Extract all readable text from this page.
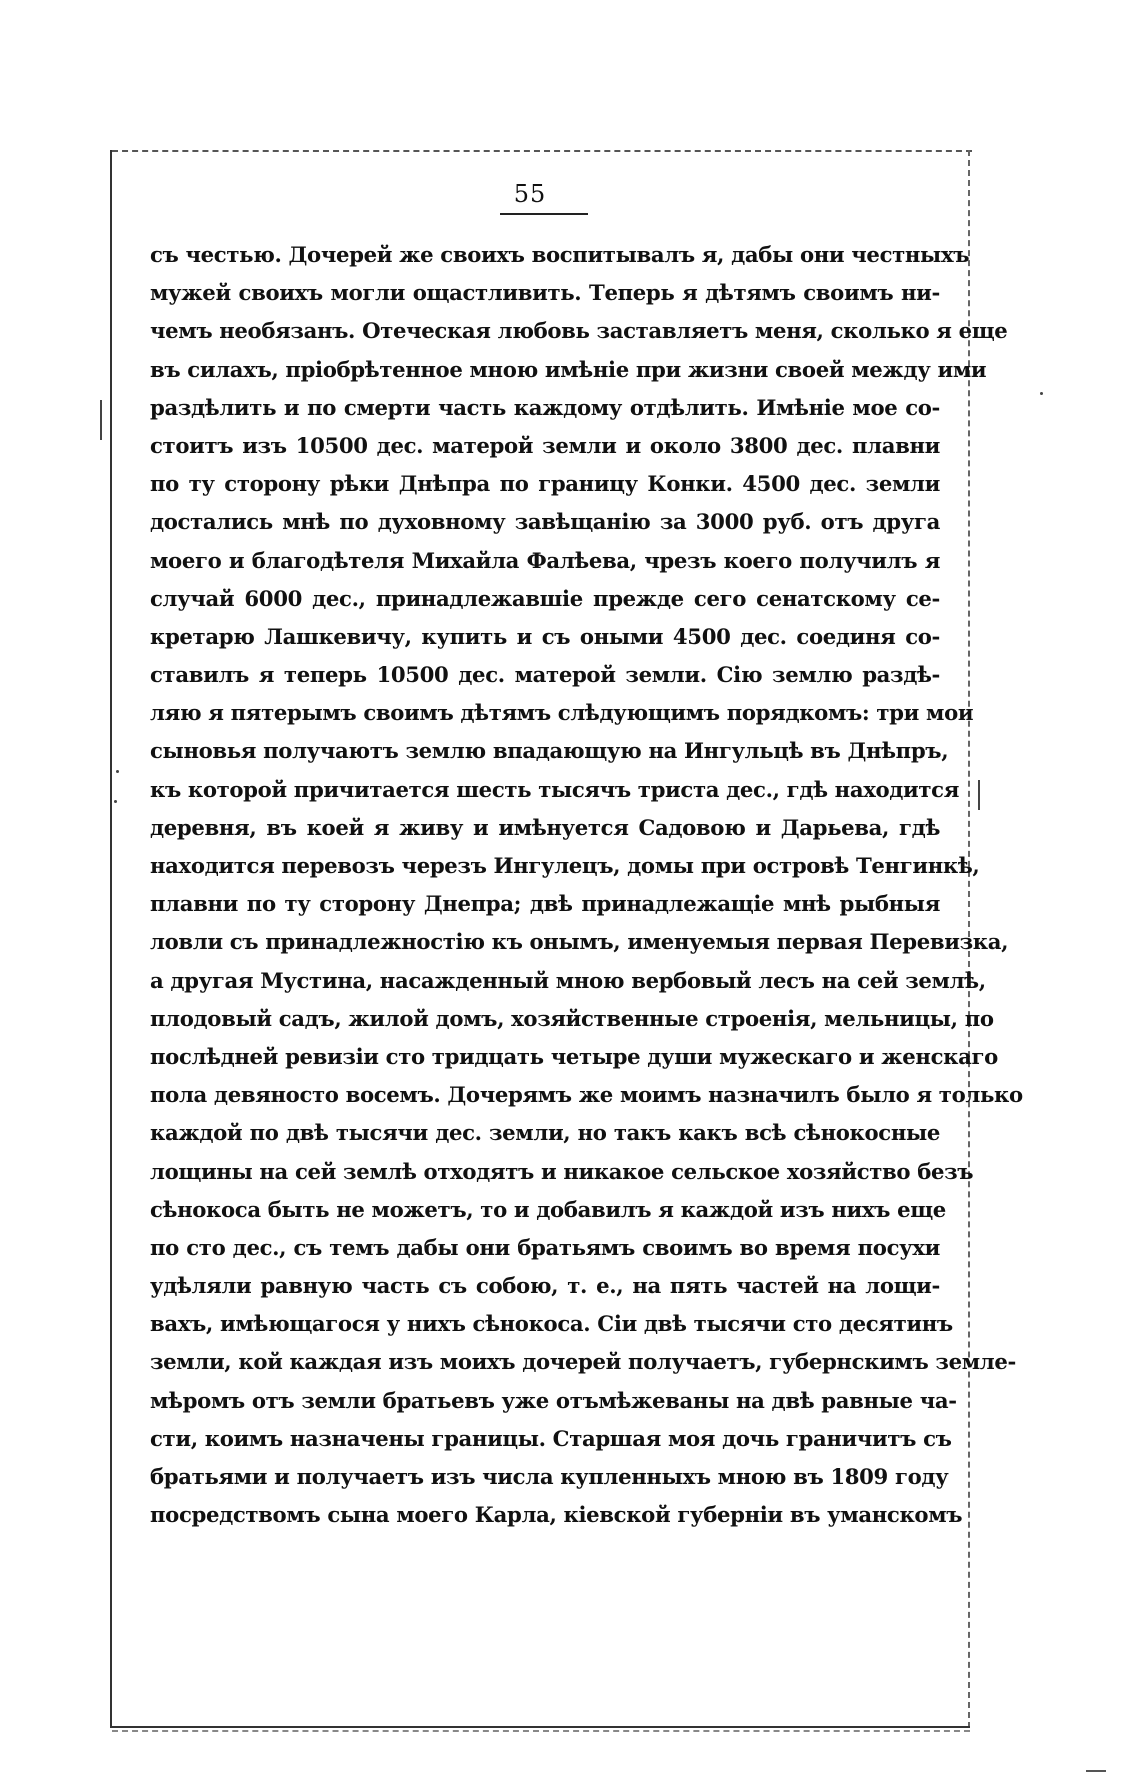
55
съ честью. Дочерей же своихъ воспитывалъ я, дабы они честныхъ
мужей своихъ могли ощастливить. Теперь я дѣтямъ своимъ ни-
чемъ необязанъ. Отеческая любовь заставляетъ меня, сколько я еще
въ силахъ, пріобрѣтенное мною имѣніе при жизни своей между ими
раздѣлить и по смерти часть каждому отдѣлить. Имѣніе мое со-
стоитъ изъ 10500 дес. матерой земли и около 3800 дес. плавни
по ту сторону рѣки Днѣпра по границу Конки. 4500 дес. земли
достались мнѣ по духовному завѣщанію за 3000 руб. отъ друга
моего и благодѣтеля Михайла Фалѣева, чрезъ коего получилъ я
случай 6000 дес., принадлежавшіе прежде сего сенатскому се-
кретарю Лашкевичу, купить и съ оными 4500 дес. соединя со-
ставилъ я теперь 10500 дес. матерой земли. Сію землю раздѣ-
ляю я пятерымъ своимъ дѣтямъ слѣдующимъ порядкомъ: три мои
сыновья получаютъ землю впадающую на Ингульцѣ въ Днѣпръ,
къ которой причитается шесть тысячъ триста дес., гдѣ находится
деревня, въ коей я живу и имѣнуется Садовою и Дарьева, гдѣ
находится перевозъ черезъ Ингулецъ, домы при островѣ Тенгинкѣ,
плавни по ту сторону Днепра; двѣ принадлежащіе мнѣ рыбныя
ловли съ принадлежностію къ онымъ, именуемыя первая Перевизка,
а другая Мустина, насажденный мною вербовый лесъ на сей землѣ,
плодовый садъ, жилой домъ, хозяйственные строенія, мельницы, по
послѣдней ревизіи сто тридцать четыре души мужескаго и женскаго
пола девяносто восемъ. Дочерямъ же моимъ назначилъ было я только
каждой по двѣ тысячи дес. земли, но такъ какъ всѣ сѣнокосные
лощины на сей землѣ отходятъ и никакое сельское хозяйство безъ
сѣнокоса быть не можетъ, то и добавилъ я каждой изъ нихъ еще
по сто дес., съ темъ дабы они братьямъ своимъ во время посухи
удѣляли равную часть съ собою, т. е., на пять частей на лощи-
вахъ, имѣющагося у нихъ сѣнокоса. Сіи двѣ тысячи сто десятинъ
земли, кой каждая изъ моихъ дочерей получаетъ, губернскимъ земле-
мѣромъ отъ земли братьевъ уже отъмѣжеваны на двѣ равные ча-
сти, коимъ назначены границы. Старшая моя дочь граничитъ съ
братьями и получаетъ изъ числа купленныхъ мною въ 1809 году
посредствомъ сына моего Карла, кіевской губерніи въ уманскомъ
